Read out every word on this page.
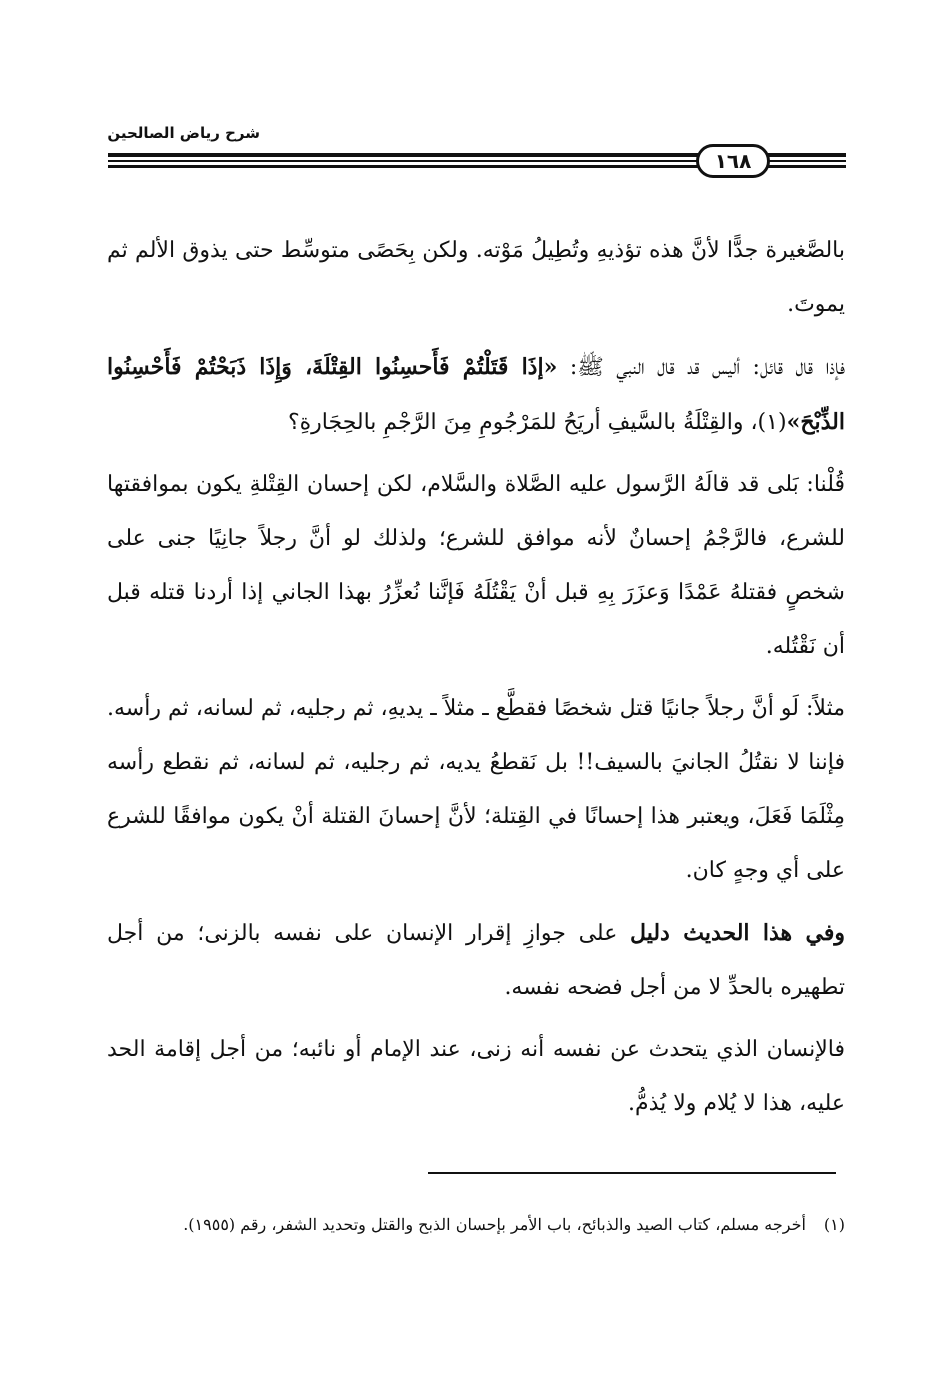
شرح رياض الصالحين
١٦٨

بالصَّغيرة جدًّا لأنَّ هذه تؤذيهِ وتُطِيلُ مَوْته. ولكن بِحَصًى متوسِّط حتى يذوق الألم ثم يموتَ.

فإذا قال قائل: أليس قد قال النبي ﷺ: «إذَا قَتَلْتُمْ فَأَحسِنُوا القِتْلَةَ، وَإِذَا ذَبَحْتُمْ فَأَحْسِنُوا الذِّبْحَ»(١)، والقِتْلَةُ بالسَّيفِ أريَحُ للمَرْجُومِ مِنَ الرَّجْمِ بالحِجَارةِ؟

قُلْنا: بَلى قد قالَهُ الرَّسول عليه الصَّلاة والسَّلام، لكن إحسان القِتْلةِ يكون بموافقتها للشرع، فالرَّجْمُ إحسانٌ لأنه موافق للشرع؛ ولذلك لو أنَّ رجلاً جانِيًا جنى على شخصٍ فقتلهُ عَمْدًا وَعزَرَ بِهِ قبل أنْ يَقْتُلَهُ فَإنَّنا نُعزِّرُ بهذا الجاني إذا أردنا قتله قبل أن نَقْتُله.

مثلاً: لَو أنَّ رجلاً جانيًا قتل شخصًا فقطَّع ـ مثلاً ـ يديهِ، ثم رجليه، ثم لسانه، ثم رأسه. فإننا لا نقتُلُ الجانيَ بالسيف!! بل نَقطعُ يديه، ثم رجليه، ثم لسانه، ثم نقطع رأسه مِثْلَمَا فَعَلَ، ويعتبر هذا إحسانًا في القِتلة؛ لأنَّ إحسانَ القتلة أنْ يكون موافقًا للشرع على أي وجهٍ كان.

وفي هذا الحديث دليل على جوازِ إقرار الإنسان على نفسه بالزنى؛ من أجل تطهيره بالحدِّ لا من أجل فضحه نفسه.

فالإنسان الذي يتحدث عن نفسه أنه زنى، عند الإمام أو نائبه؛ من أجل إقامة الحد عليه، هذا لا يُلام ولا يُذمُّ.

(١)أخرجه مسلم، كتاب الصيد والذبائح، باب الأمر بإحسان الذبح والقتل وتحديد الشفر، رقم (١٩٥٥).
